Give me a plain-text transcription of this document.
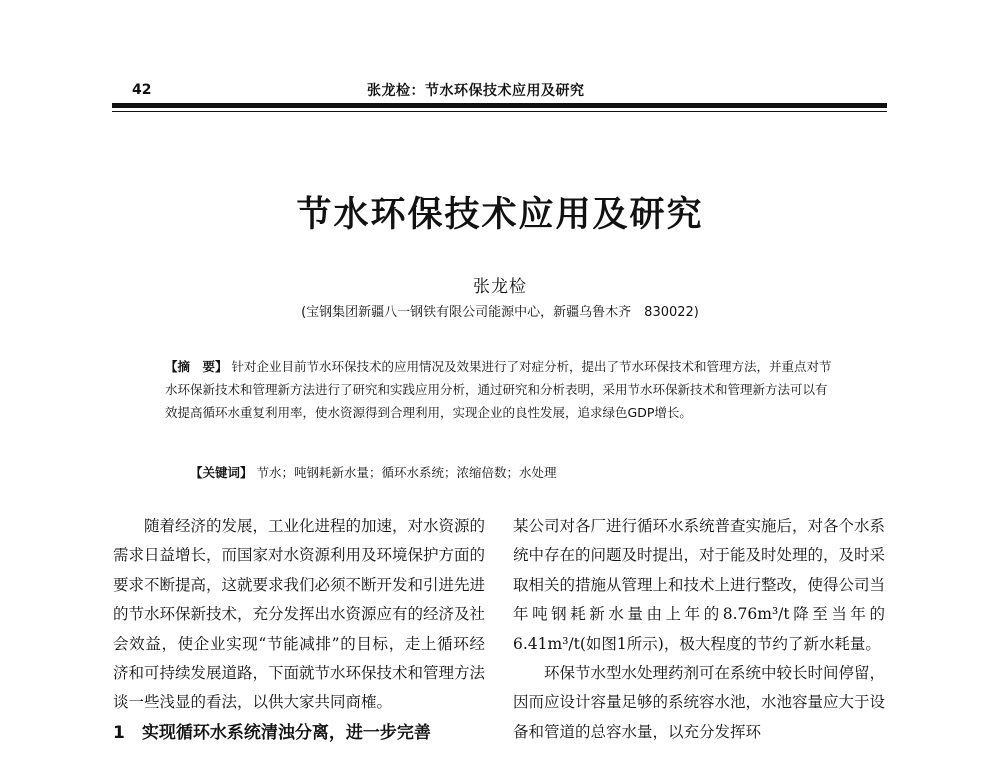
42	张龙检：节水环保技术应用及研究
节水环保技术应用及研究
张龙检
(宝钢集团新疆八一钢铁有限公司能源中心，新疆乌鲁木齐　830022)
【摘　要】 针对企业目前节水环保技术的应用情况及效果进行了对症分析，提出了节水环保技术和管理方法，并重点对节水环保新技术和管理新方法进行了研究和实践应用分析，通过研究和分析表明，采用节水环保新技术和管理新方法可以有效提高循环水重复利用率，使水资源得到合理利用，实现企业的良性发展，追求绿色GDP增长。
【关键词】 节水；吨钢耗新水量；循环水系统；浓缩倍数；水处理

随着经济的发展，工业化进程的加速，对水资源的需求日益增长，而国家对水资源利用及环境保护方面的要求不断提高，这就要求我们必须不断开发和引进先进的节水环保新技术，充分发挥出水资源应有的经济及社会效益，使企业实现“节能减排”的目标，走上循环经济和可持续发展道路，下面就节水环保技术和管理方法谈一些浅显的看法，以供大家共同商榷。

1　实现循环水系统清浊分离，进一步完善

某公司对各厂进行循环水系统普查实施后，对各个水系统中存在的问题及时提出，对于能及时处理的，及时采取相关的措施从管理上和技术上进行整改，使得公司当年吨钢耗新水量由上年的8.76m³/t降至当年的6.41m³/t(如图1所示)，极大程度的节约了新水耗量。

环保节水型水处理药剂可在系统中较长时间停留，因而应设计容量足够的系统容水池，水池容量应大于设备和管道的总容水量，以充分发挥环
